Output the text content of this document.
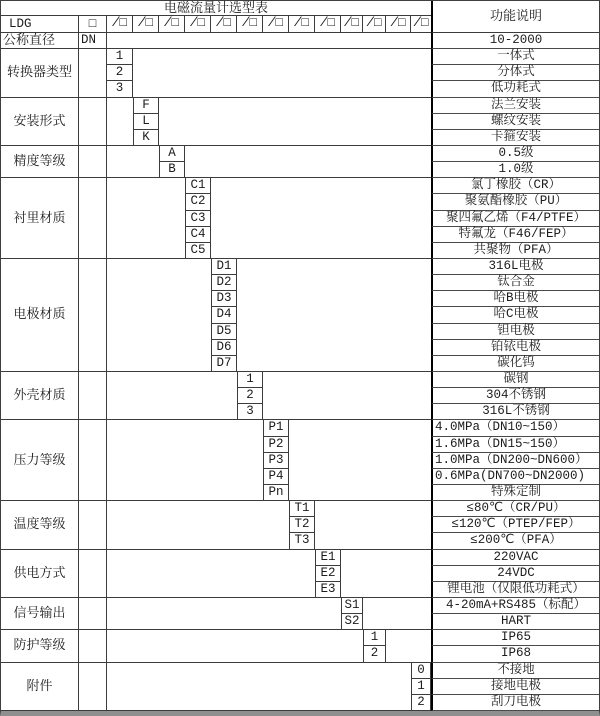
电磁流量计选型表
功能说明
LDG	□	/□ /□ /□ /□ /□ /□ /□ /□ /□ /□ /□ /□ /□
公称直径	DN	10-2000
转换器类型
1	一体式
2	分体式
3	低功耗式
安装形式
F	法兰安装
L	螺纹安装
K	卡箍安装
精度等级
A	0.5级
B	1.0级
衬里材质
C1	氯丁橡胶（CR）
C2	聚氨酯橡胶（PU）
C3	聚四氟乙烯（F4/PTFE）
C4	特氟龙（F46/FEP）
C5	共聚物（PFA）
电极材质
D1	316L电极
D2	钛合金
D3	哈B电极
D4	哈C电极
D5	钽电极
D6	铂铱电极
D7	碳化钨
外壳材质
1	碳钢
2	304不锈钢
3	316L不锈钢
压力等级
P1	4.0MPa（DN10~150）
P2	1.6MPa（DN15~150）
P3	1.0MPa（DN200~DN600）
P4	0.6MPa(DN700~DN2000)
Pn	特殊定制
温度等级
T1	≤80℃（CR/PU）
T2	≤120℃（PTEP/FEP）
T3	≤200℃（PFA）
供电方式
E1	220VAC
E2	24VDC
E3	锂电池（仅限低功耗式）
信号输出
S1	4-20mA+RS485（标配）
S2	HART
防护等级
1	IP65
2	IP68
附件
0	不接地
1	接地电极
2	刮刀电极
